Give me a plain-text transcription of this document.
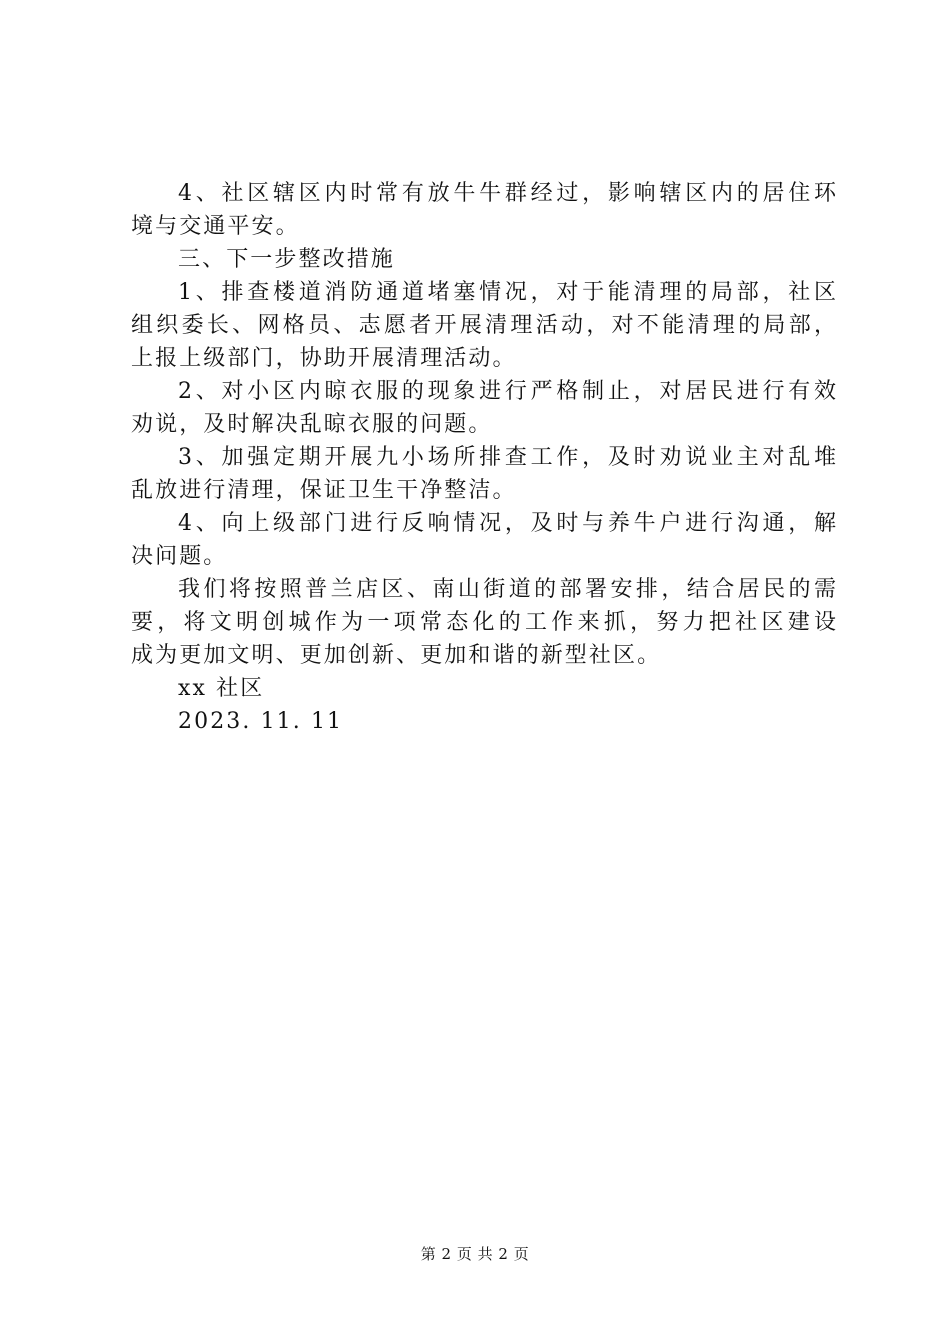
4、社区辖区内时常有放牛牛群经过，影响辖区内的居住环
境与交通平安。
三、下一步整改措施
1、排查楼道消防通道堵塞情况，对于能清理的局部，社区
组织委长、网格员、志愿者开展清理活动，对不能清理的局部，
上报上级部门，协助开展清理活动。
2、对小区内晾衣服的现象进行严格制止，对居民进行有效
劝说，及时解决乱晾衣服的问题。
3、加强定期开展九小场所排查工作，及时劝说业主对乱堆
乱放进行清理，保证卫生干净整洁。
4、向上级部门进行反响情况，及时与养牛户进行沟通，解
决问题。
我们将按照普兰店区、南山街道的部署安排，结合居民的需
要，将文明创城作为一项常态化的工作来抓，努力把社区建设
成为更加文明、更加创新、更加和谐的新型社区。
xx 社区
2023. 11. 11
第 2 页 共 2 页
